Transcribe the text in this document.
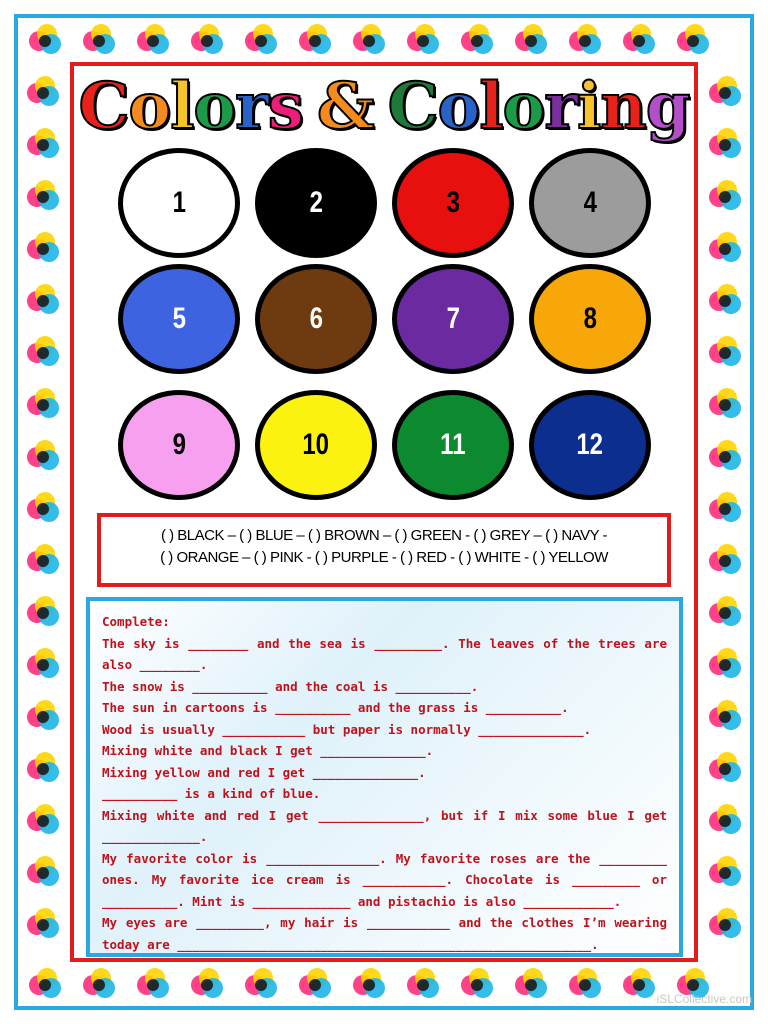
C o l o r s
&
C o l o r i n g
1	2	3	4
5	6	7	8
9	10	11	12
( ) BLACK – ( ) BLUE – ( ) BROWN – ( ) GREEN - ( ) GREY – ( ) NAVY -
( ) ORANGE – ( ) PINK - ( ) PURPLE - ( ) RED - ( ) WHITE - ( ) YELLOW

Complete:

The sky is ________ and the sea is _________. The leaves of the trees are also ________.

The snow is __________ and the coal is __________.

The sun in cartoons is __________ and the grass is __________.

Wood is usually ___________ but paper is normally ______________.

Mixing white and black I get ______________.

Mixing yellow and red I get ______________.

__________ is a kind of blue.

Mixing white and red I get ______________, but if I mix some blue I get _____________.

My favorite color is _______________. My favorite roses are the _________ ones. My favorite ice cream is ___________. Chocolate is _________ or __________. Mint is _____________ and pistachio is also ____________.

My eyes are _________, my hair is ___________ and the clothes I’m wearing today are _______________________________________________________.

iSLCollective.com
